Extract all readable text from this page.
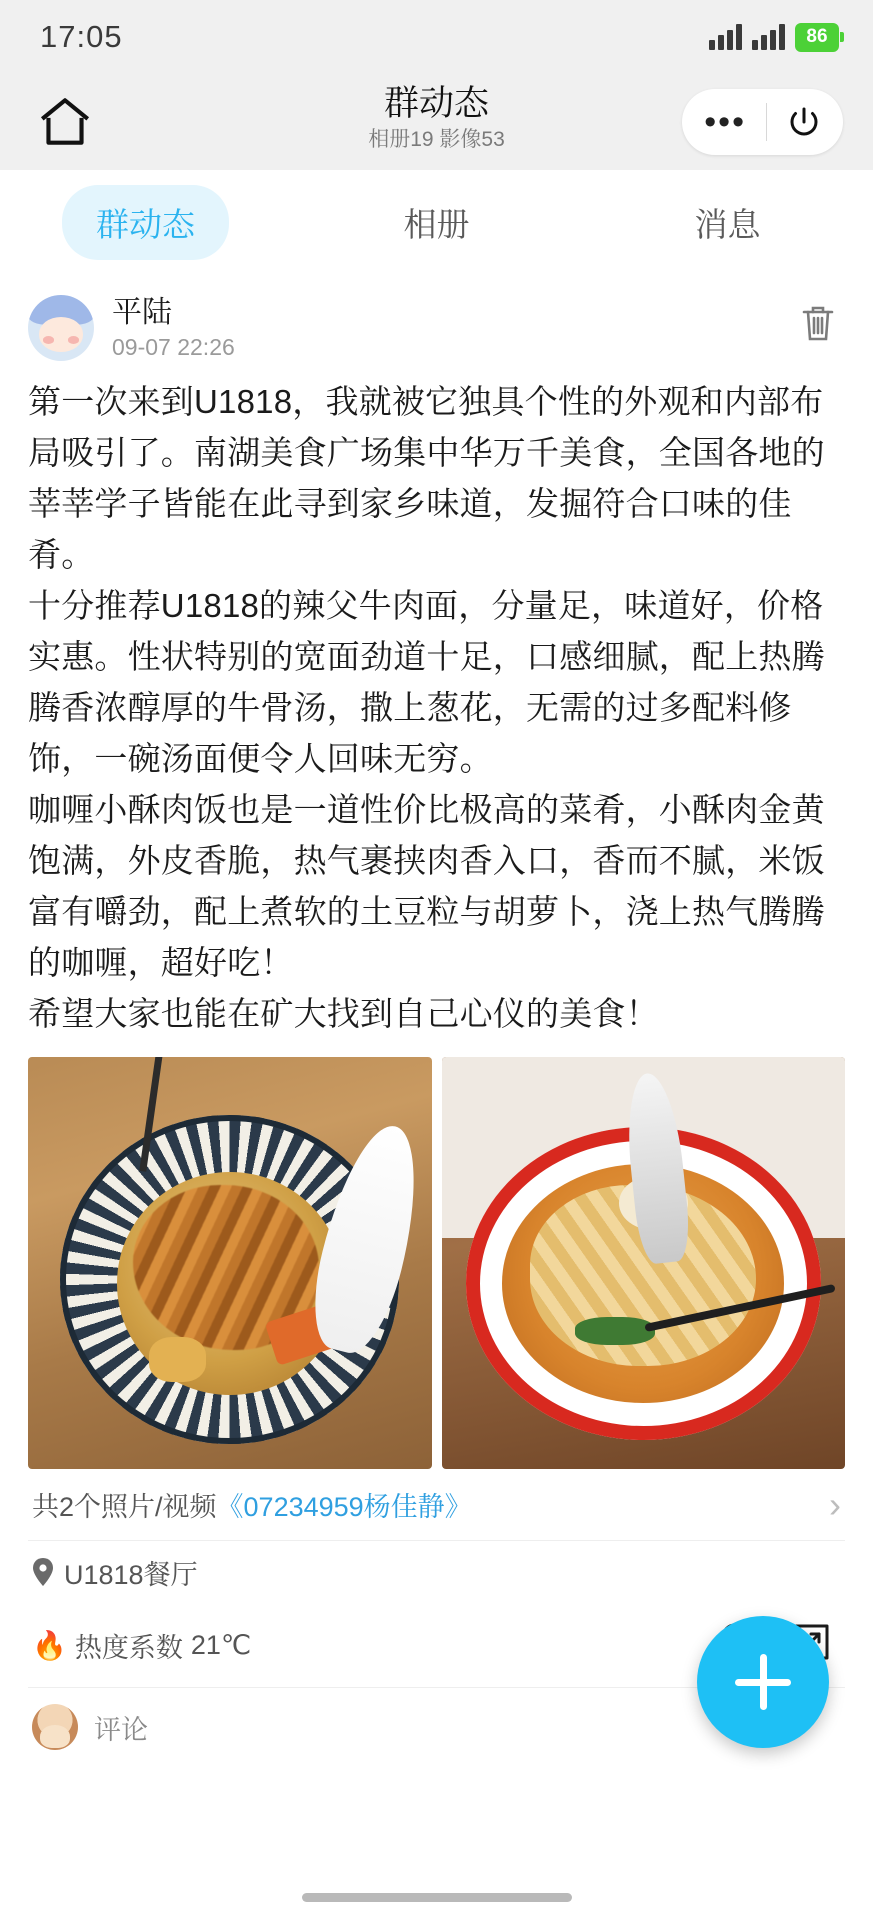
17:05	86
群动态
相册19 影像53	•••
群动态	相册	消息
平陆
09-07 22:26

第一次来到U1818，我就被它独具个性的外观和内部布局吸引了。南湖美食广场集中华万千美食，全国各地的莘莘学子皆能在此寻到家乡味道，发掘符合口味的佳肴。

十分推荐U1818的辣父牛肉面，分量足，味道好，价格实惠。性状特别的宽面劲道十足，口感细腻，配上热腾腾香浓醇厚的牛骨汤，撒上葱花，无需的过多配料修饰，一碗汤面便令人回味无穷。

咖喱小酥肉饭也是一道性价比极高的菜肴，小酥肉金黄饱满，外皮香脆，热气裹挟肉香入口，香而不腻，米饭富有嚼劲，配上煮软的土豆粒与胡萝卜，浇上热气腾腾的咖喱，超好吃！

希望大家也能在矿大找到自己心仪的美食！

共2个照片/视频 《07234959杨佳静》	›
U1818餐厅
🔥 热度系数 21℃
评论
